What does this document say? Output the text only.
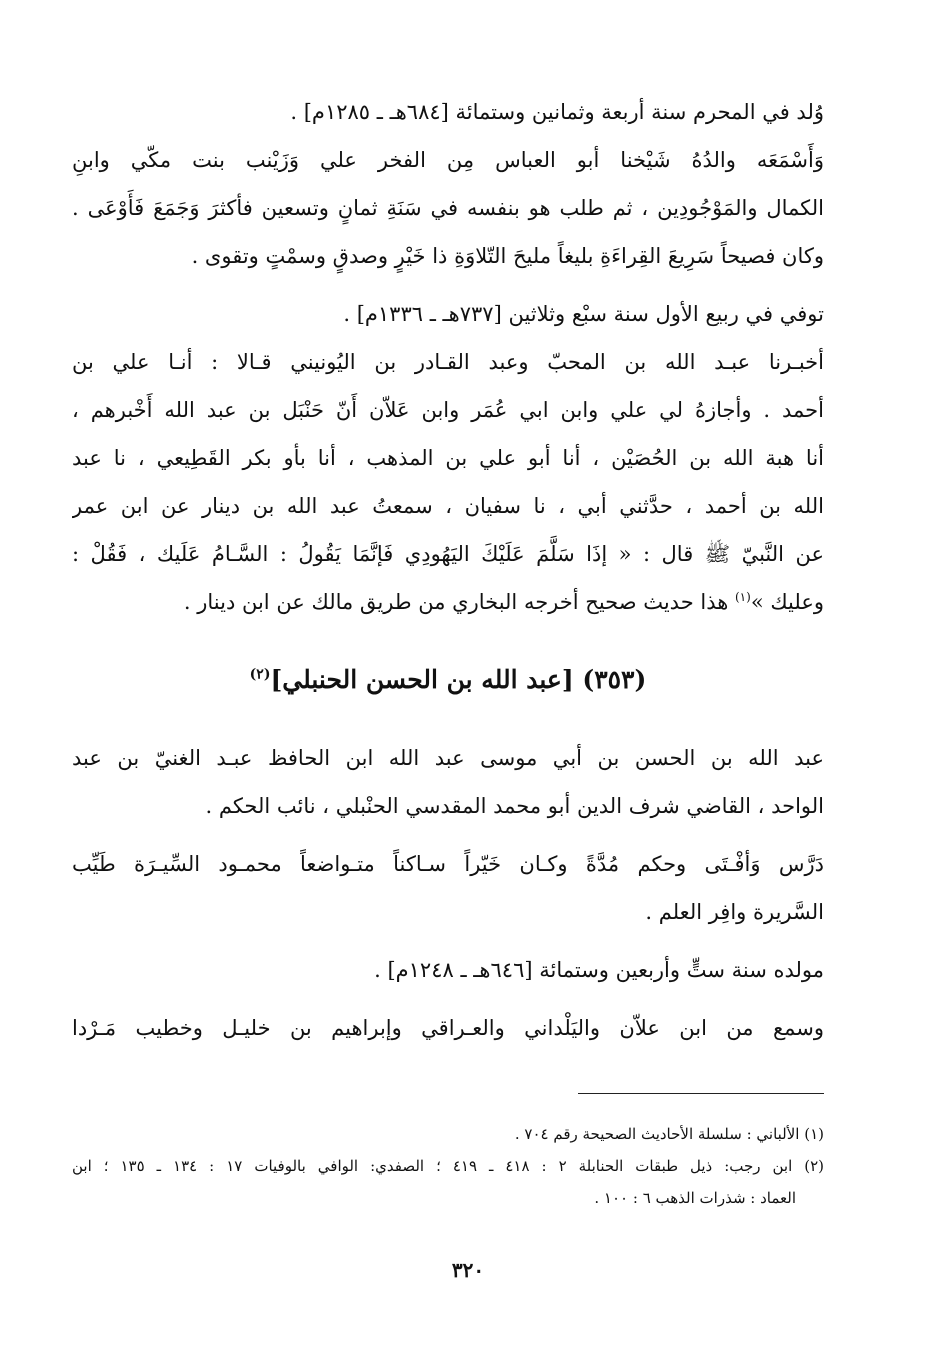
وُلد في المحرم سنة أربعة وثمانين وستمائة [٦٨٤هـ ـ ١٢٨٥م] .
وَأَسْمَعَه والدُهُ شَيْخنا أبو العباس مِن الفخر علي وَزَيْنب بنت مكّي وابنِ
الكمال والمَوْجُودِين ، ثم طلب هو بنفسه في سَنَةِ ثمانٍ وتسعين فأكثرَ وَجَمَعَ فَأَوْعَى .
وكان فصيحاً سَرِيعَ القِراءَةِ بليغاً مليحَ التّلاوَةِ ذا خَيْرٍ وصدقٍ وسمْتٍ وتقوى .
توفي في ربيع الأول سنة سبْع وثلاثين [٧٣٧هـ ـ ١٣٣٦م] .
أخبـرنا عبـد الله بن المحبّ وعبد القـادر بن اليُونيني قـالا : أنـا علي بن
أحمد . وأجازهُ لي علي وابن ابي عُمَر وابن عَلاّن أَنّ حَنْبَل بن عبد الله أَخْبرهم ،
أنا هبة الله بن الحُصَيْن ، أنا أبو علي بن المذهب ، أنا بأو بكر القَطِيعي ، نا عبد
الله بن أحمد ، حدَّثني أبي ، نا سفيان ، سمعتُ عبد الله بن دينار عن ابن عمر
عن النَّبيّ ﷺ قال : « إذَا سَلَّمَ عَلَيْكَ اليَهُودِي فَإنَّمَا يَقُولُ : السَّـامُ عَلَيك ، فَقُلْ :
وعليك »$^{(١)}$ هذا حديث صحيح أخرجه البخاري من طريق مالك عن ابن دينار .
(٣٥٣) [عبد الله بن الحسن الحنبلي]$^{(٢)}$
عبد الله بن الحسن بن أبي موسى عبد الله ابن الحافظ عبـد الغنيّ بن عبد
الواحد ، القاضي شرف الدين أبو محمد المقدسي الحنْبلي ، نائب الحكم .
دَرَّس وَأفْـتَى وحكم مُدَّةً وكـان خَيّراً سـاكناً متـواضعاً محمـود السِّيـرَة طَيِّب
السَّريرة وافِر العلم .
مولده سنة ستٍّ وأربعين وستمائة [٦٤٦هـ ـ ١٢٤٨م] .
وسمع من ابن علاّن واليَلْداني والعـراقي وإبراهيم بن خليـل وخطيب مَـرْدا
(١) الألباني : سلسلة الأحاديث الصحيحة رقم ٧٠٤ .
(٢) ابن رجب: ذيل طبقات الحنابلة ٢ : ٤١٨ ـ ٤١٩ ؛ الصفدي: الوافي بالوفيات ١٧ : ١٣٤ ـ ١٣٥ ؛ ابن
العماد : شذرات الذهب ٦ : ١٠٠ .
٣٢٠
